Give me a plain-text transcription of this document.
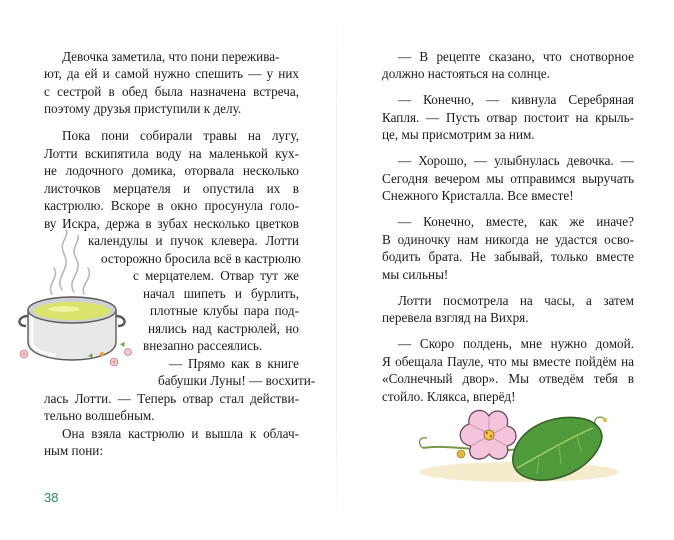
Девочка заметила, что пони пережива-

ют, да ей и самой нужно спешить — у них

с сестрой в обед была назначена встреча,

поэтому друзья приступили к делу.

Пока пони собирали травы на лугу,

Лотти вскипятила воду на маленькой кух-

не лодочного домика, оторвала несколько

листочков мерцателя и опустила их в

кастрюлю. Вскоре в окно просунула голо-

ву Искра, держа в зубах несколько цветков

календулы и пучок клевера. Лотти

осторожно бросила всё в кастрюлю

с мерцателем. Отвар тут же

начал шипеть и бурлить,

плотные клубы пара под-

нялись над кастрюлей, но

внезапно рассеялись.

— Прямо как в книге

бабушки Луны! — восхити-

лась Лотти. — Теперь отвар стал действи-

тельно волшебным.

Она взяла кастрюлю и вышла к облач-

ным пони:

38

— В рецепте сказано, что снотворное

должно настояться на солнце.

— Конечно, — кивнула Серебряная

Капля. — Пусть отвар постоит на крыль-

це, мы присмотрим за ним.

— Хорошо, — улыбнулась девочка. —

Сегодня вечером мы отправимся выручать

Снежного Кристалла. Все вместе!

— Конечно, вместе, как же иначе?

В одиночку нам никогда не удастся осво-

бодить брата. Не забывай, только вместе

мы сильны!

Лотти посмотрела на часы, а затем

перевела взгляд на Вихря.

— Скоро полдень, мне нужно домой.

Я обещала Пауле, что мы вместе пойдём на

«Солнечный двор». Мы отведём тебя в

стойло. Клякса, вперёд!
